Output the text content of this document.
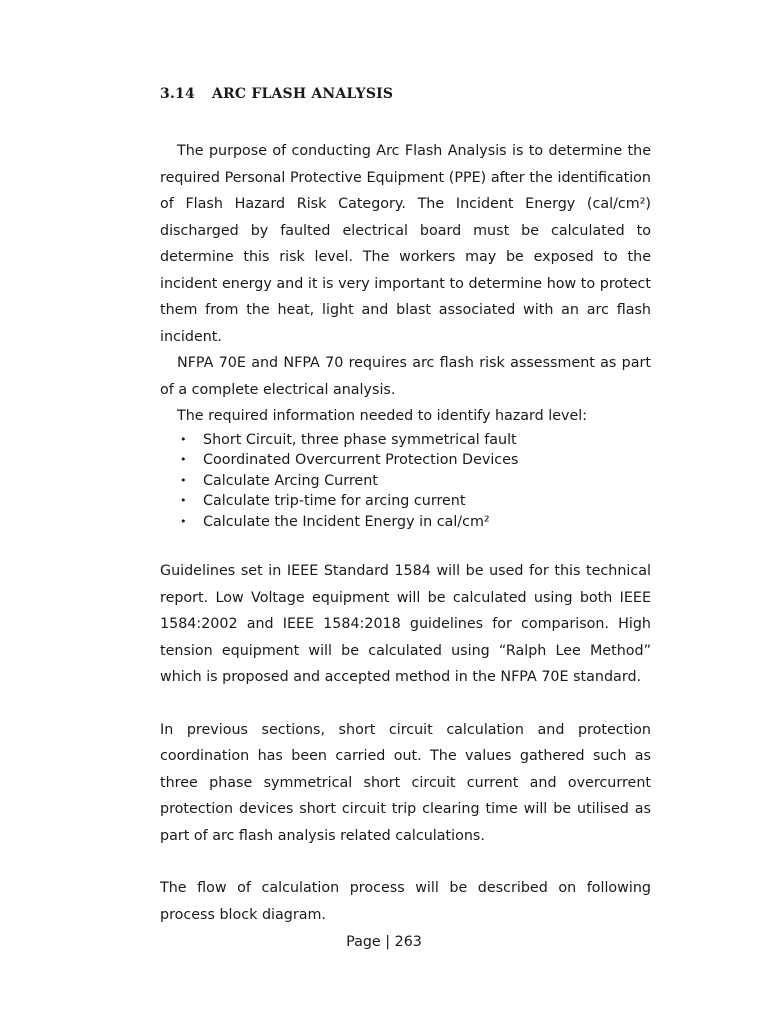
3.14 ARC FLASH ANALYSIS

The purpose of conducting Arc Flash Analysis is to determine the required Personal Protective Equipment (PPE) after the identification of Flash Hazard Risk Category. The Incident Energy (cal/cm²) discharged by faulted electrical board must be calculated to determine this risk level. The workers may be exposed to the incident energy and it is very important to determine how to protect them from the heat, light and blast associated with an arc flash incident.

NFPA 70E and NFPA 70 requires arc flash risk assessment as part of a complete electrical analysis.

The required information needed to identify hazard level:

• Short Circuit, three phase symmetrical fault
• Coordinated Overcurrent Protection Devices
• Calculate Arcing Current
• Calculate trip-time for arcing current
• Calculate the Incident Energy in cal/cm²

Guidelines set in IEEE Standard 1584 will be used for this technical report. Low Voltage equipment will be calculated using both IEEE 1584:2002 and IEEE 1584:2018 guidelines for comparison. High tension equipment will be calculated using “Ralph Lee Method” which is proposed and accepted method in the NFPA 70E standard.

In previous sections, short circuit calculation and protection coordination has been carried out. The values gathered such as three phase symmetrical short circuit current and overcurrent protection devices short circuit trip clearing time will be utilised as part of arc flash analysis related calculations.

The flow of calculation process will be described on following process block diagram.

Page | 263
